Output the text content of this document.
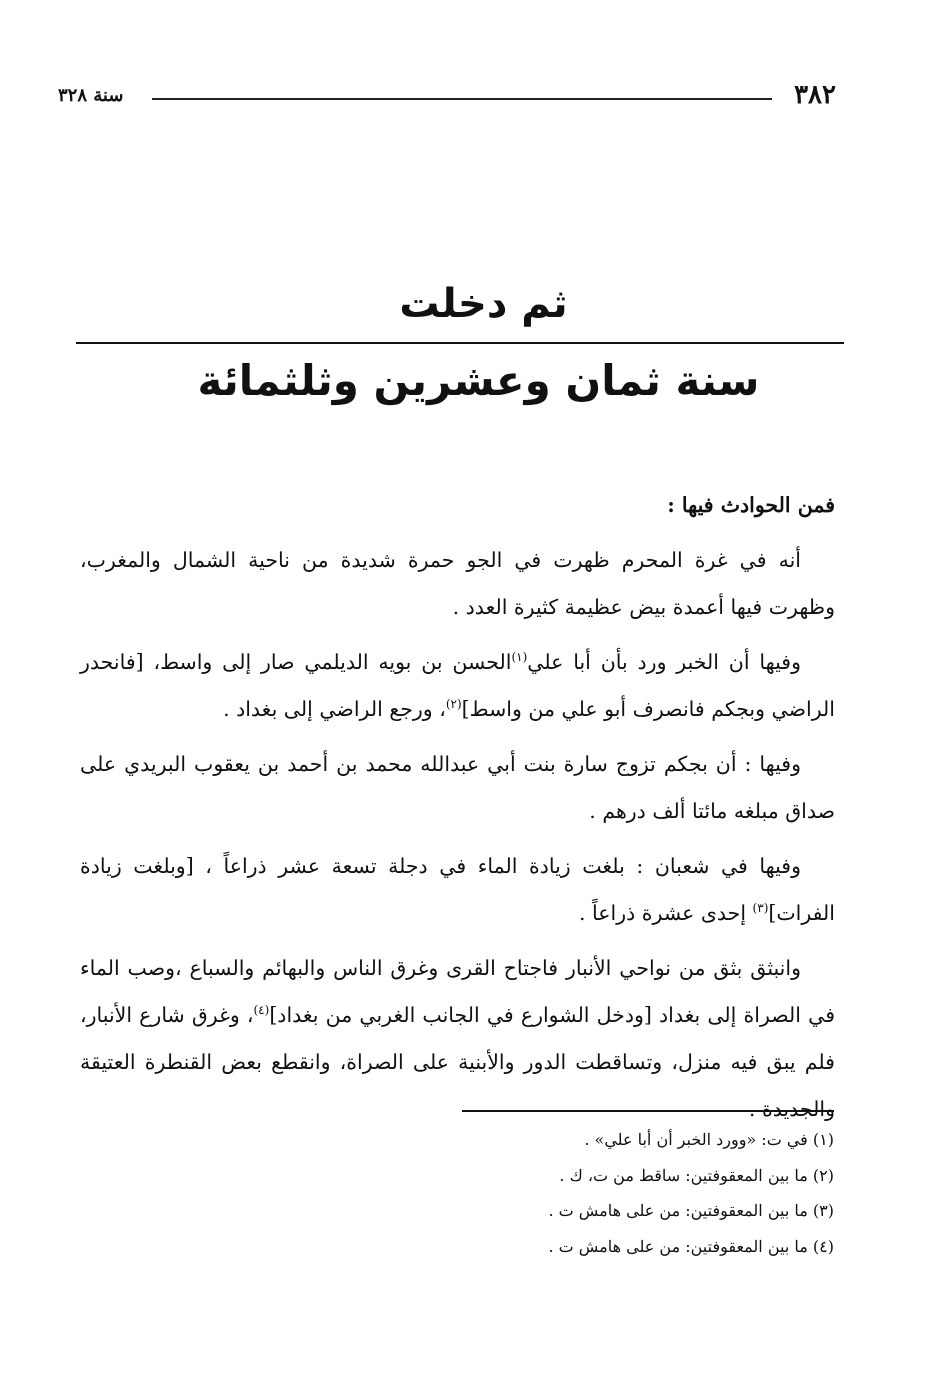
٣٨٢
سنة ٣٢٨
ثم دخلت
سنة ثمان وعشرين وثلثمائة

فمن الحوادث فيها :

أنه في غرة المحرم ظهرت في الجو حمرة شديدة من ناحية الشمال والمغرب، وظهرت فيها أعمدة بيض عظيمة كثيرة العدد .

وفيها أن الخبر ورد بأن أبا علي$^{(١)}$الحسن بن بويه الديلمي صار إلى واسط، [فانحدر الراضي وبجكم فانصرف أبو علي من واسط]$^{(٢)}$، ورجع الراضي إلى بغداد .

وفيها : أن بجكم تزوج سارة بنت أبي عبدالله محمد بن أحمد بن يعقوب البريدي على صداق مبلغه مائتا ألف درهم .

وفيها في شعبان : بلغت زيادة الماء في دجلة تسعة عشر ذراعاً ، [وبلغت زيادة الفرات]$^{(٣)}$ إحدى عشرة ذراعاً .

وانبثق بثق من نواحي الأنبار فاجتاح القرى وغرق الناس والبهائم والسباع ،وصب الماء في الصراة إلى بغداد [ودخل الشوارع في الجانب الغربي من بغداد]$^{(٤)}$، وغرق شارع الأنبار، فلم يبق فيه منزل، وتساقطت الدور والأبنية على الصراة، وانقطع بعض القنطرة العتيقة والجديدة .

(١) في ت: «وورد الخبر أن أبا علي» .

(٢) ما بين المعقوفتين: ساقط من ت، ك .

(٣) ما بين المعقوفتين: من على هامش ت .

(٤) ما بين المعقوفتين: من على هامش ت .
